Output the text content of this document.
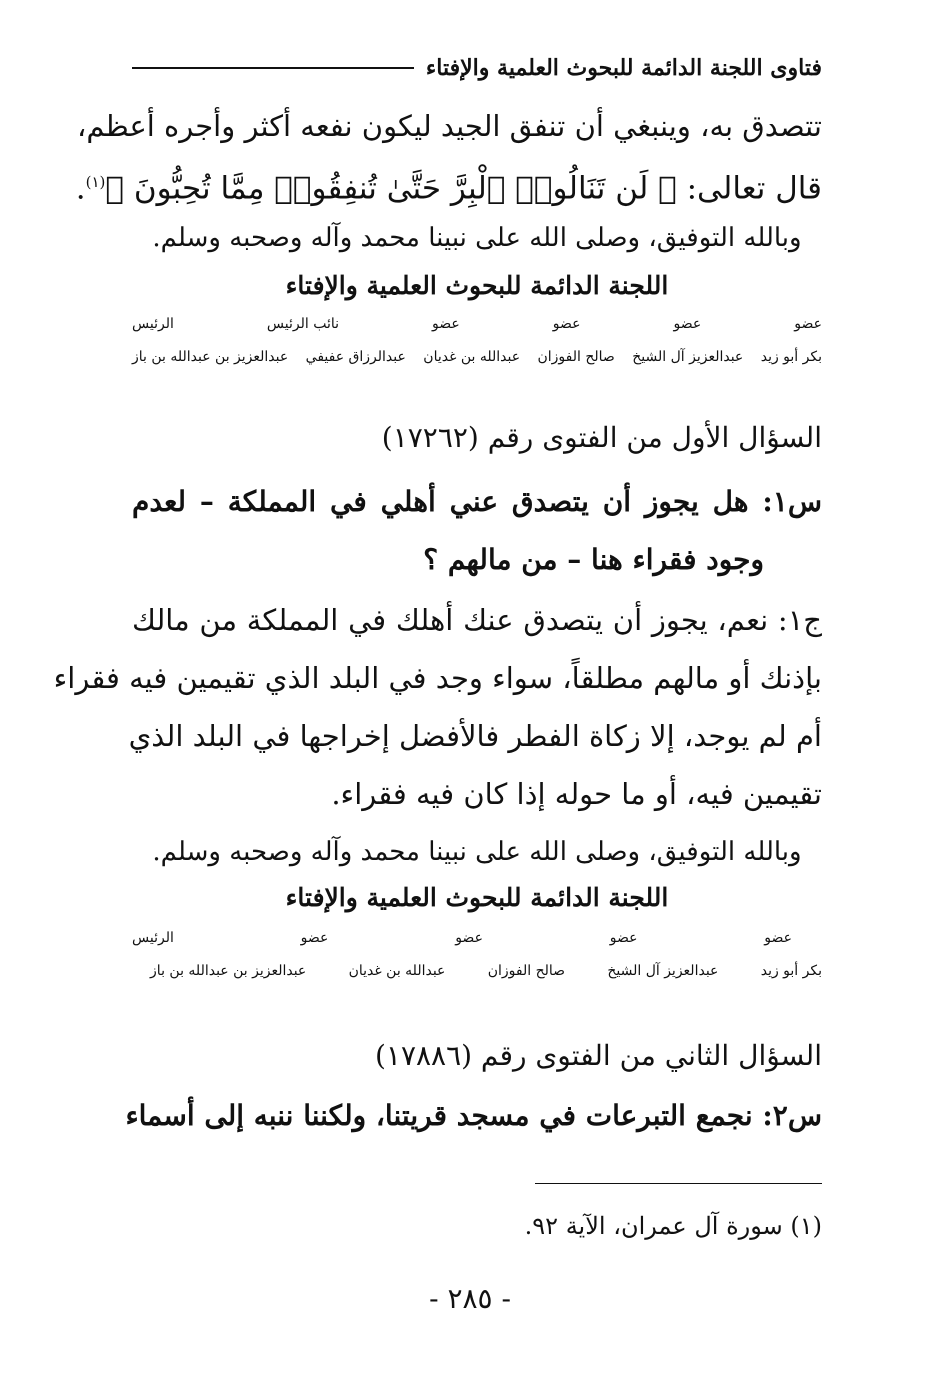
فتاوى اللجنة الدائمة للبحوث العلمية والإفتاء
تتصدق به، وينبغي أن تنفق الجيد ليكون نفعه أكثر وأجره أعظم،
قال تعالى: ﴿ لَن تَنَالُوا۟ ٱلْبِرَّ حَتَّىٰ تُنفِقُوا۟ مِمَّا تُحِبُّونَ ﴾$^{(١)}$.
وبالله التوفيق، وصلى الله على نبينا محمد وآله وصحبه وسلم.
اللجنة الدائمة للبحوث العلمية والإفتاء
عضو
عضو
عضو
عضو
نائب الرئيس
الرئيس
بكر أبو زيد
عبدالعزيز آل الشيخ
صالح الفوزان
عبدالله بن غديان
عبدالرزاق عفيفي
عبدالعزيز بن عبدالله بن باز
السؤال الأول من الفتوى رقم (١٧٢٦٢)
س١: هل يجوز أن يتصدق عني أهلي في المملكة – لعدم
وجود فقراء هنا – من مالهم ؟
ج١: نعم، يجوز أن يتصدق عنك أهلك في المملكة من مالك
بإذنك أو مالهم مطلقاً، سواء وجد في البلد الذي تقيمين فيه فقراء
أم لم يوجد، إلا زكاة الفطر فالأفضل إخراجها في البلد الذي
تقيمين فيه، أو ما حوله إذا كان فيه فقراء.
وبالله التوفيق، وصلى الله على نبينا محمد وآله وصحبه وسلم.
اللجنة الدائمة للبحوث العلمية والإفتاء
عضو
عضو
عضو
عضو
الرئيس
بكر أبو زيد
عبدالعزيز آل الشيخ
صالح الفوزان
عبدالله بن غديان
عبدالعزيز بن عبدالله بن باز
السؤال الثاني من الفتوى رقم (١٧٨٨٦)
س٢: نجمع التبرعات في مسجد قريتنا، ولكننا ننبه إلى أسماء
(١) سورة آل عمران، الآية ٩٢.
- ٢٨٥ -
